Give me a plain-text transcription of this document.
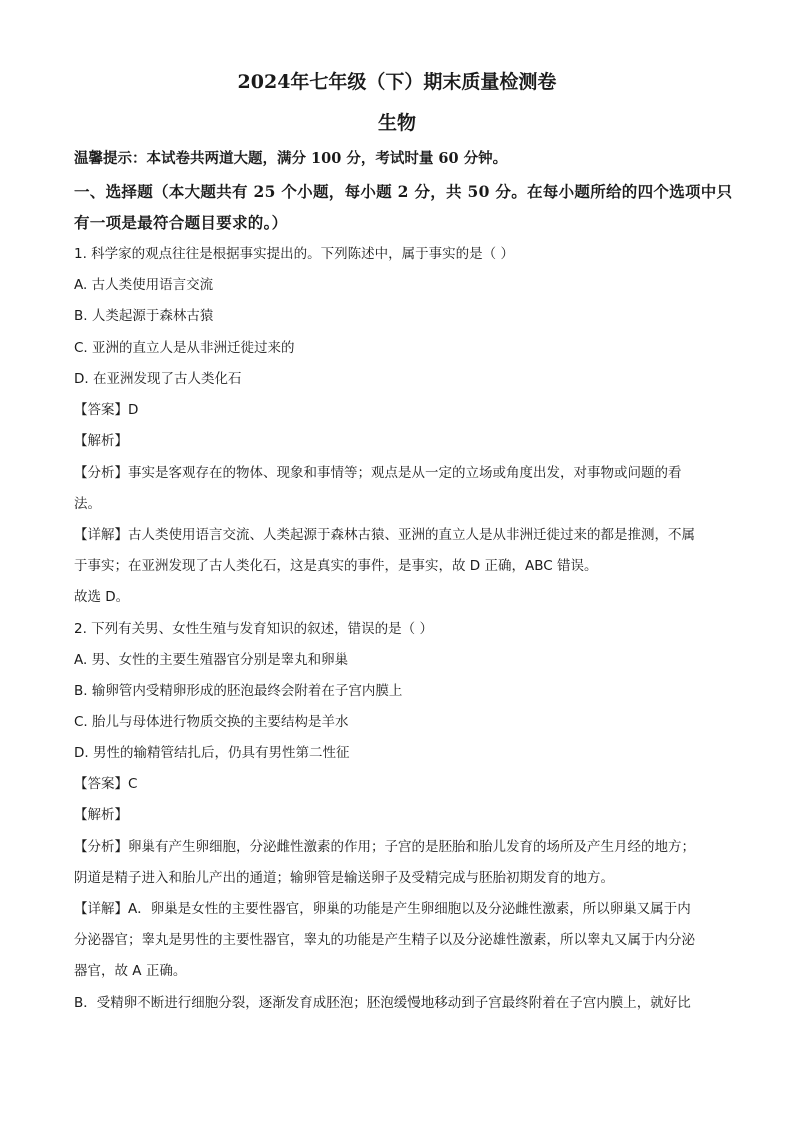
2024年七年级（下）期末质量检测卷
生物
温馨提示：本试卷共两道大题，满分 100 分，考试时量 60 分钟。
一、选择题（本大题共有 25 个小题，每小题 2 分，共 50 分。在每小题所给的四个选项中只
有一项是最符合题目要求的。）
1. 科学家的观点往往是根据事实提出的。下列陈述中，属于事实的是（ ）
A. 古人类使用语言交流
B. 人类起源于森林古猿
C. 亚洲的直立人是从非洲迁徙过来的
D. 在亚洲发现了古人类化石
【答案】D
【解析】
【分析】事实是客观存在的物体、现象和事情等；观点是从一定的立场或角度出发，对事物或问题的看
法。
【详解】古人类使用语言交流、人类起源于森林古猿、亚洲的直立人是从非洲迁徙过来的都是推测，不属
于事实；在亚洲发现了古人类化石，这是真实的事件，是事实，故 D 正确，ABC 错误。
故选 D。
2. 下列有关男、女性生殖与发育知识的叙述，错误的是（ ）
A. 男、女性的主要生殖器官分别是睾丸和卵巢
B. 输卵管内受精卵形成的胚泡最终会附着在子宫内膜上
C. 胎儿与母体进行物质交换的主要结构是羊水
D. 男性的输精管结扎后，仍具有男性第二性征
【答案】C
【解析】
【分析】卵巢有产生卵细胞，分泌雌性激素的作用；子宫的是胚胎和胎儿发育的场所及产生月经的地方；
阴道是精子进入和胎儿产出的通道；输卵管是输送卵子及受精完成与胚胎初期发育的地方。
【详解】A．卵巢是女性的主要性器官，卵巢的功能是产生卵细胞以及分泌雌性激素，所以卵巢又属于内
分泌器官；睾丸是男性的主要性器官，睾丸的功能是产生精子以及分泌雄性激素，所以睾丸又属于内分泌
器官，故 A 正确。
B．受精卵不断进行细胞分裂，逐渐发育成胚泡；胚泡缓慢地移动到子宫最终附着在子宫内膜上，就好比
